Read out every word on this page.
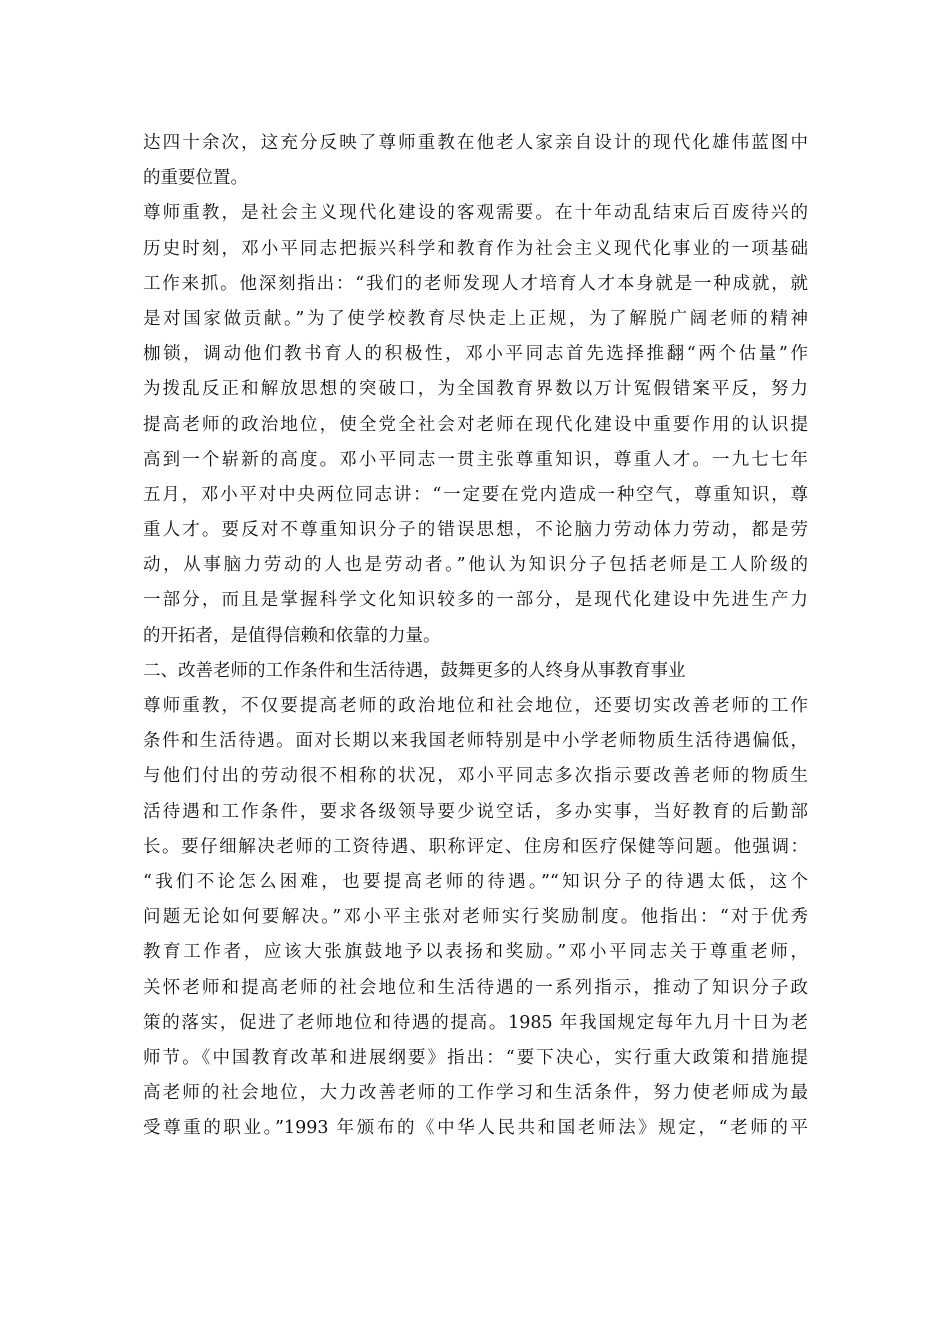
达四十余次，这充分反映了尊师重教在他老人家亲自设计的现代化雄伟蓝图中
的重要位置。
尊师重教，是社会主义现代化建设的客观需要。在十年动乱结束后百废待兴的
历史时刻，邓小平同志把振兴科学和教育作为社会主义现代化事业的一项基础
工作来抓。他深刻指出：“我们的老师发现人才培育人才本身就是一种成就，就
是对国家做贡献。”为了使学校教育尽快走上正规，为了解脱广阔老师的精神
枷锁，调动他们教书育人的积极性，邓小平同志首先选择推翻“两个估量”作
为拨乱反正和解放思想的突破口，为全国教育界数以万计冤假错案平反，努力
提高老师的政治地位，使全党全社会对老师在现代化建设中重要作用的认识提
高到一个崭新的高度。邓小平同志一贯主张尊重知识，尊重人才。一九七七年
五月，邓小平对中央两位同志讲：“一定要在党内造成一种空气，尊重知识，尊
重人才。要反对不尊重知识分子的错误思想，不论脑力劳动体力劳动，都是劳
动，从事脑力劳动的人也是劳动者。”他认为知识分子包括老师是工人阶级的
一部分，而且是掌握科学文化知识较多的一部分，是现代化建设中先进生产力
的开拓者，是值得信赖和依靠的力量。
二、改善老师的工作条件和生活待遇，鼓舞更多的人终身从事教育事业
尊师重教，不仅要提高老师的政治地位和社会地位，还要切实改善老师的工作
条件和生活待遇。面对长期以来我国老师特别是中小学老师物质生活待遇偏低，
与他们付出的劳动很不相称的状况，邓小平同志多次指示要改善老师的物质生
活待遇和工作条件，要求各级领导要少说空话，多办实事，当好教育的后勤部
长。要仔细解决老师的工资待遇、职称评定、住房和医疗保健等问题。他强调：
“我们不论怎么困难，也要提高老师的待遇。”“知识分子的待遇太低，这个
问题无论如何要解决。”邓小平主张对老师实行奖励制度。他指出：“对于优秀
教育工作者，应该大张旗鼓地予以表扬和奖励。”邓小平同志关于尊重老师，
关怀老师和提高老师的社会地位和生活待遇的一系列指示，推动了知识分子政
策的落实，促进了老师地位和待遇的提高。1985 年我国规定每年九月十日为老
师节。《中国教育改革和进展纲要》指出：“要下决心，实行重大政策和措施提
高老师的社会地位，大力改善老师的工作学习和生活条件，努力使老师成为最
受尊重的职业。”1993 年颁布的《中华人民共和国老师法》规定，“老师的平
